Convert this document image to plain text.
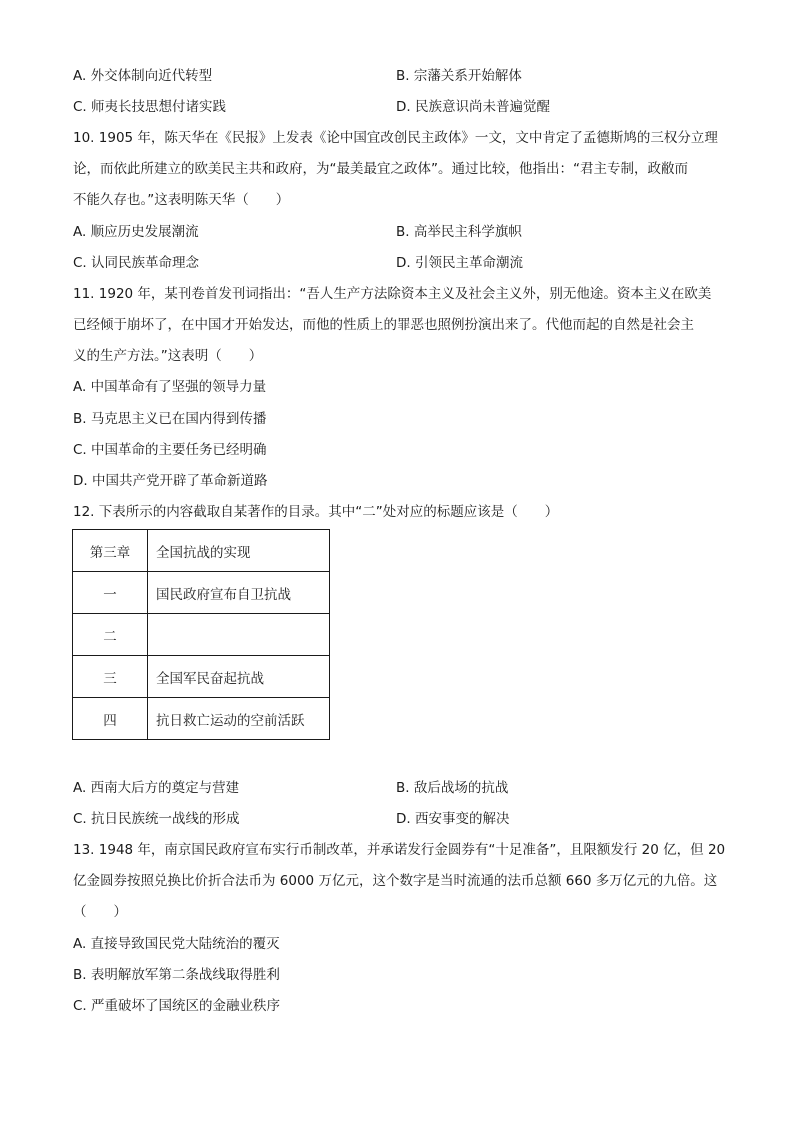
A. 外交体制向近代转型	B. 宗藩关系开始解体
C. 师夷长技思想付诸实践	D. 民族意识尚未普遍觉醒
10. 1905 年，陈天华在《民报》上发表《论中国宜改创民主政体》一文，文中肯定了孟德斯鸠的三权分立理
论，而依此所建立的欧美民主共和政府，为“最美最宜之政体”。通过比较，他指出：“君主专制，政敝而
不能久存也。”这表明陈天华（　　）
A. 顺应历史发展潮流	B. 高举民主科学旗帜
C. 认同民族革命理念	D. 引领民主革命潮流
11. 1920 年，某刊卷首发刊词指出：“吾人生产方法除资本主义及社会主义外，别无他途。资本主义在欧美
已经倾于崩坏了，在中国才开始发达，而他的性质上的罪恶也照例扮演出来了。代他而起的自然是社会主
义的生产方法。”这表明（　　）
A. 中国革命有了坚强的领导力量
B. 马克思主义已在国内得到传播
C. 中国革命的主要任务已经明确
D. 中国共产党开辟了革命新道路
12. 下表所示的内容截取自某著作的目录。其中“二”处对应的标题应该是（　　）
第三章	全国抗战的实现
一	国民政府宣布自卫抗战
二	
三	全国军民奋起抗战
四	抗日救亡运动的空前活跃
A. 西南大后方的奠定与营建	B. 敌后战场的抗战
C. 抗日民族统一战线的形成	D. 西安事变的解决
13. 1948 年，南京国民政府宣布实行币制改革，并承诺发行金圆券有“十足准备”，且限额发行 20 亿，但 20
亿金圆券按照兑换比价折合法币为 6000 万亿元，这个数字是当时流通的法币总额 660 多万亿元的九倍。这
（　　）
A. 直接导致国民党大陆统治的覆灭
B. 表明解放军第二条战线取得胜利
C. 严重破坏了国统区的金融业秩序
